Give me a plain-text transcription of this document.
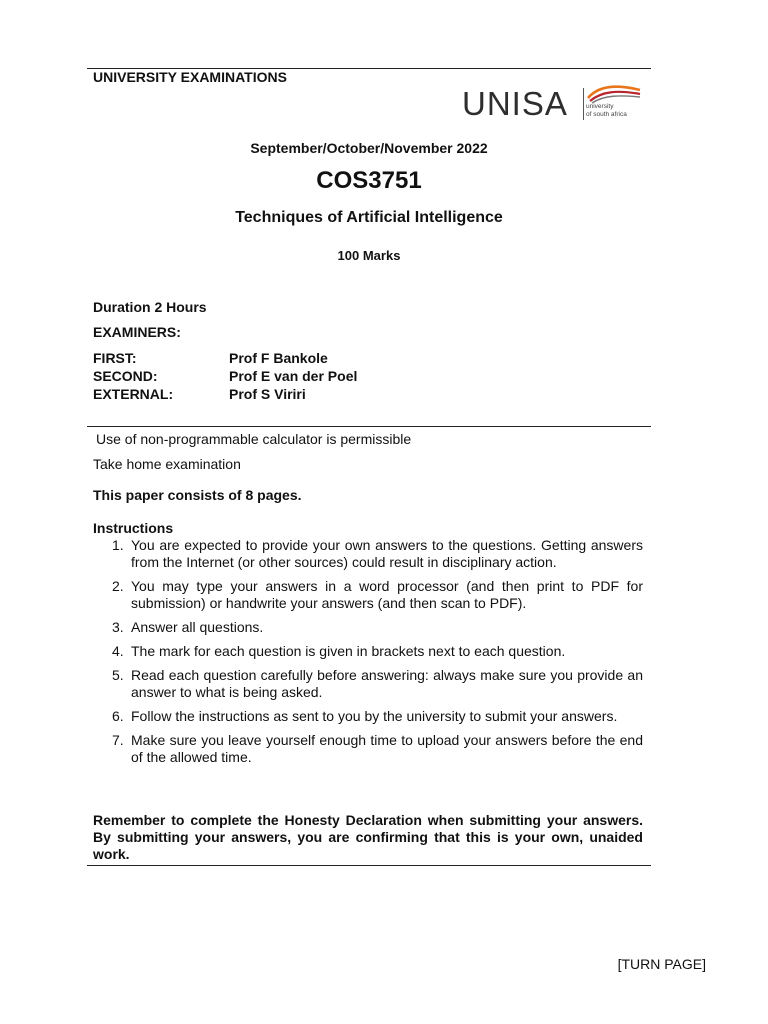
UNIVERSITY EXAMINATIONS
UNISA	university
of south africa
September/October/November 2022
COS3751
Techniques of Artificial Intelligence
100 Marks
Duration 2 Hours
EXAMINERS:
FIRST:	Prof F Bankole
SECOND:	Prof E van der Poel
EXTERNAL:	Prof S Viriri
Use of non-programmable calculator is permissible
Take home examination
This paper consists of 8 pages.
Instructions
1. You are expected to provide your own answers to the questions. Getting answers from the Internet (or other sources) could result in disciplinary action.
2. You may type your answers in a word processor (and then print to PDF for submission) or handwrite your answers (and then scan to PDF).
3. Answer all questions.
4. The mark for each question is given in brackets next to each question.
5. Read each question carefully before answering: always make sure you provide an answer to what is being asked.
6. Follow the instructions as sent to you by the university to submit your answers.
7. Make sure you leave yourself enough time to upload your answers before the end of the allowed time.
Remember to complete the Honesty Declaration when submitting your answers. By submitting your answers, you are confirming that this is your own, unaided work.
[TURN PAGE]
